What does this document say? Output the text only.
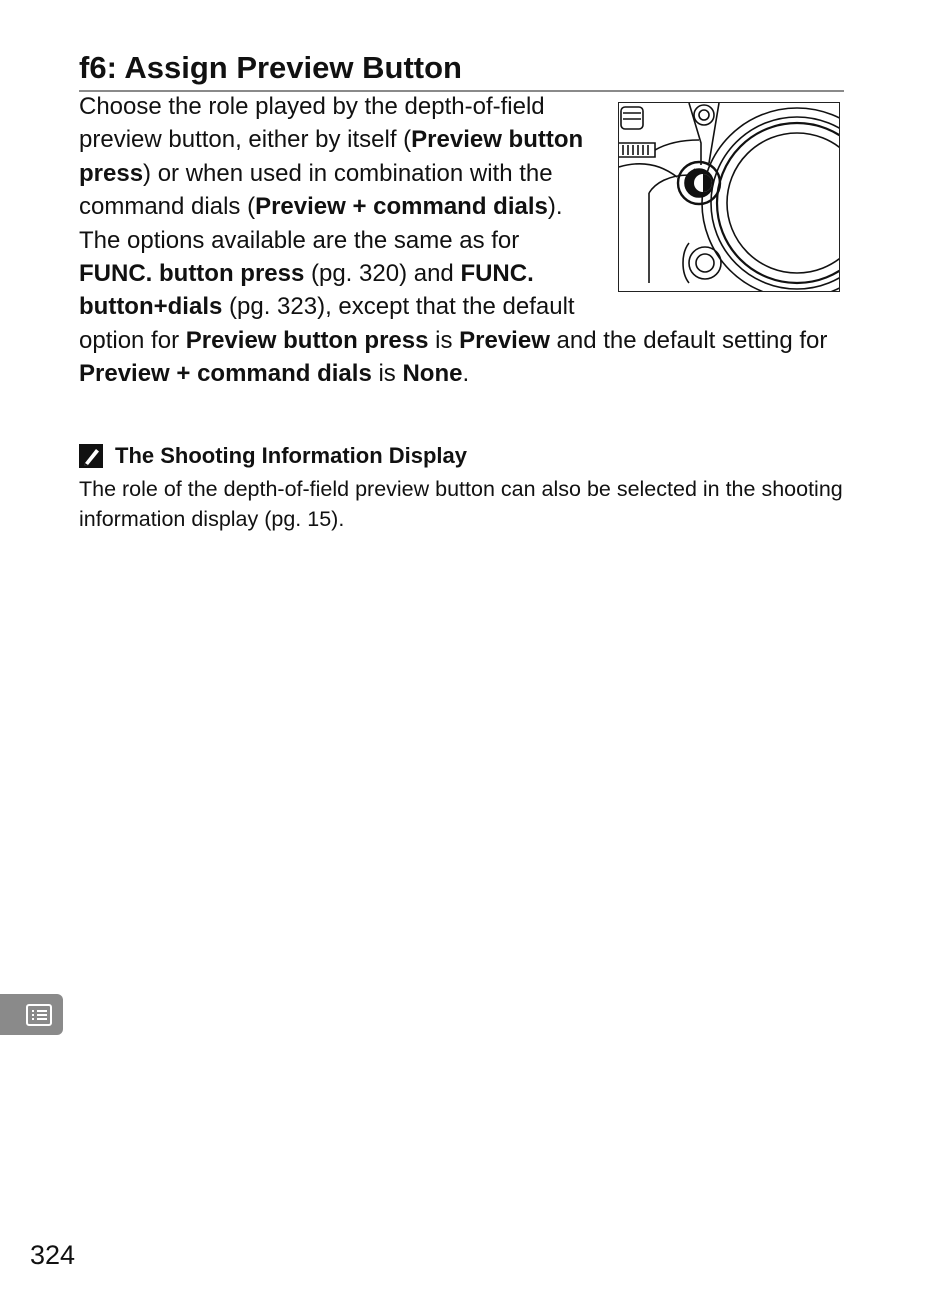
f6: Assign Preview Button
Choose the role played by the depth-of-field preview button, either by itself (Preview button press) or when used in combination with the command dials (Preview + command dials). The options available are the same as for FUNC. button press (pg. 320) and FUNC. button+dials (pg. 323), except that the default option for Preview button press is Preview and the default setting for Preview + command dials is None.
The Shooting Information Display
The role of the depth-of-field preview button can also be selected in the shooting information display (pg. 15).
324
